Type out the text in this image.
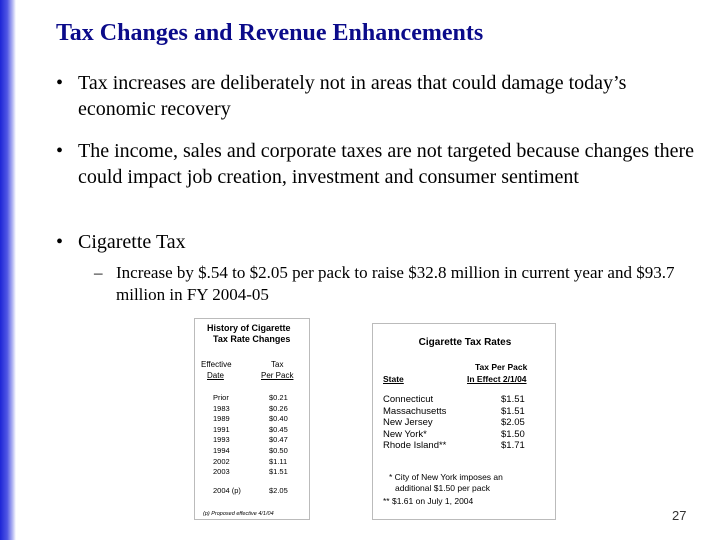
Tax Changes and Revenue Enhancements
• Tax increases are deliberately not in areas that could damage today’s economic recovery
• The income, sales and corporate taxes are not targeted because changes there could impact job creation, investment and consumer sentiment
• Cigarette Tax
– Increase by $.54 to $2.05 per pack to raise $32.8 million in current year and $93.7 million in FY 2004-05
History of Cigarette
Tax Rate Changes
Effective
Date
Tax
Per Pack
Prior	$0.21
1983	$0.26
1989	$0.40
1991	$0.45
1993	$0.47
1994	$0.50
2002	$1.11
2003	$1.51
2004 (p)	$2.05
(p) Proposed effective 4/1/04
Cigarette Tax Rates
Tax Per Pack
State	In Effect 2/1/04
Connecticut	$1.51
Massachusetts	$1.51
New Jersey	$2.05
New York*	$1.50
Rhode Island**	$1.71
* City of New York imposes an
additional $1.50 per pack
** $1.61 on July 1, 2004
27
